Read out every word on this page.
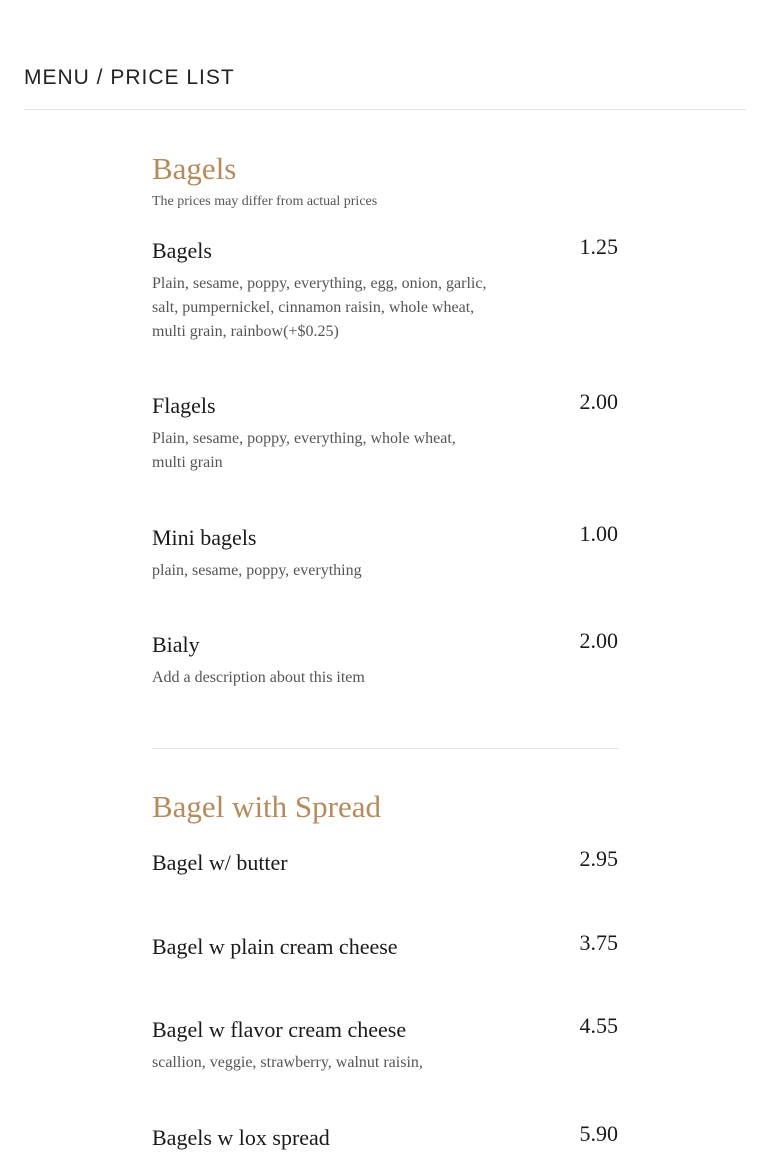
MENU / PRICE LIST
Bagels
The prices may differ from actual prices
Bagels	1.25
Plain, sesame, poppy, everything, egg, onion, garlic, salt, pumpernickel, cinnamon raisin, whole wheat, multi grain, rainbow(+$0.25)
Flagels	2.00
Plain, sesame, poppy, everything, whole wheat, multi grain
Mini bagels	1.00
plain, sesame, poppy, everything
Bialy	2.00
Add a description about this item
Bagel with Spread
Bagel w/ butter	2.95
Bagel w plain cream cheese	3.75
Bagel w flavor cream cheese	4.55
scallion, veggie, strawberry, walnut raisin,
Bagels w lox spread	5.90
